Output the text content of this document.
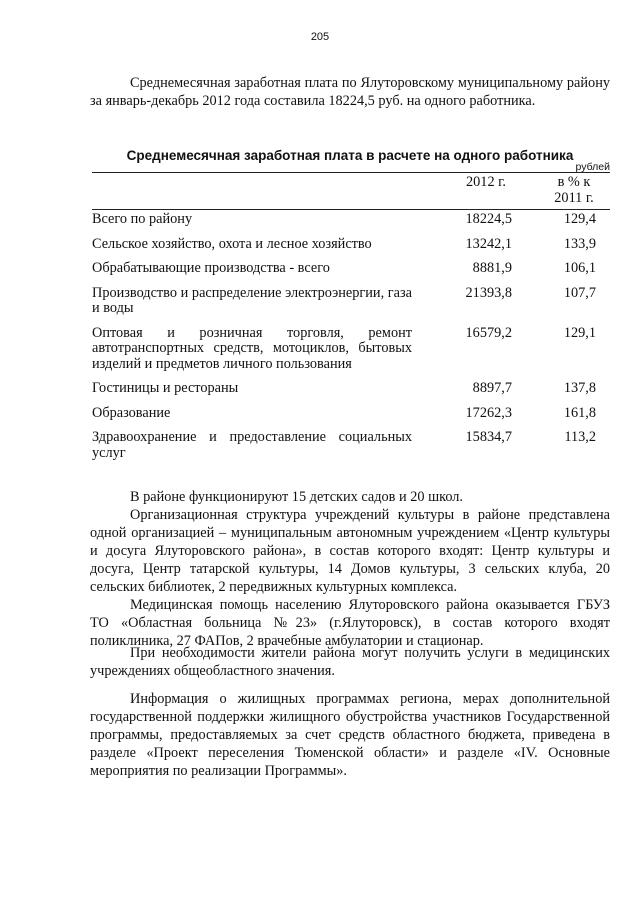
205

Среднемесячная заработная плата по Ялуторовскому муниципальному району за январь-декабрь 2012 года составила 18224,5 руб. на одного работника.

Среднемесячная заработная плата в расчете на одного работника
рублей
	2012 г.	в % к
2011 г.
Всего по району	18224,5	129,4
Сельское хозяйство, охота и лесное хозяйство	13242,1	133,9
Обрабатывающие производства - всего	8881,9	106,1
Производство и распределение электроэнергии, газа и воды	21393,8	107,7
Оптовая и розничная торговля, ремонт автотранспортных средств, мотоциклов, бытовых изделий и предметов личного пользования	16579,2	129,1
Гостиницы и рестораны	8897,7	137,8
Образование	17262,3	161,8
Здравоохранение и предоставление социальных услуг	15834,7	113,2

В районе функционируют 15 детских садов и 20 школ.

Организационная структура учреждений культуры в районе представлена одной организацией – муниципальным автономным учреждением «Центр культуры и досуга Ялуторовского района», в состав которого входят: Центр культуры и досуга, Центр татарской культуры, 14 Домов культуры, 3 сельских клуба, 20 сельских библиотек, 2 передвижных культурных комплекса.

Медицинская помощь населению Ялуторовского района оказывается ГБУЗ ТО «Областная больница №23» (г.Ялуторовск), в состав которого входят поликлиника, 27 ФАПов, 2 врачебные амбулатории и стационар.

При необходимости жители района могут получить услуги в медицинских учреждениях общеобластного значения.

Информация о жилищных программах региона, мерах дополнительной государственной поддержки жилищного обустройства участников Государственной программы, предоставляемых за счет средств областного бюджета, приведена в разделе «Проект переселения Тюменской области» и разделе «IV. Основные мероприятия по реализации Программы».
